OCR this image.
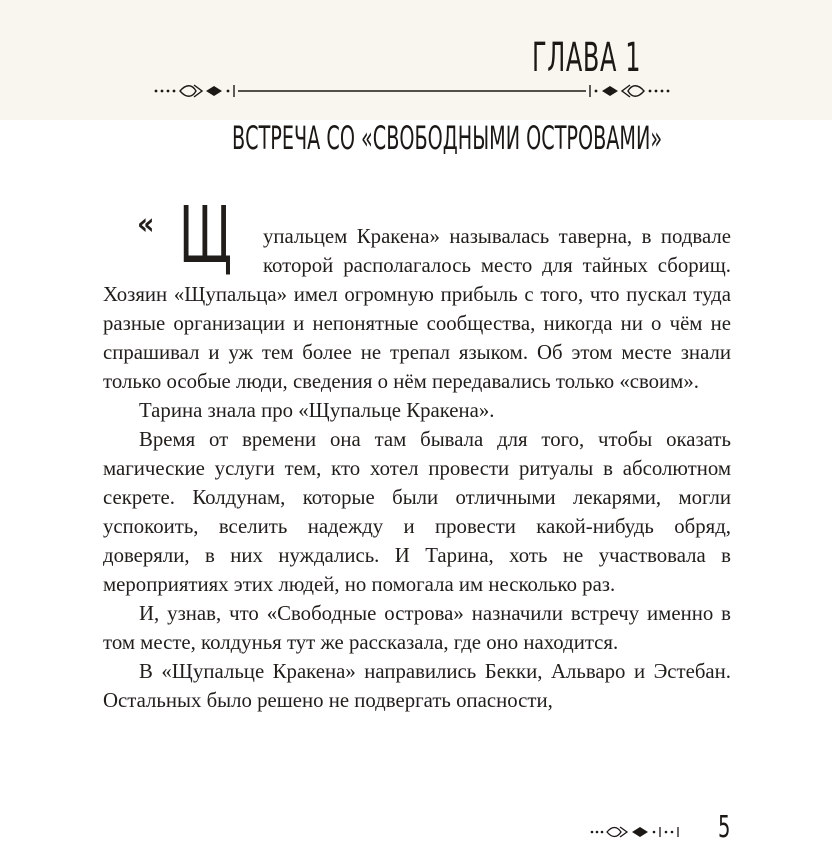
ГЛАВА 1
ВСТРЕЧА СО «СВОБОДНЫМИ ОСТРОВАМИ»

« Щ упальцем Кракена» называлась таверна, в подвале которой располагалось место для тайных сборищ. Хозяин «Щупальца» имел огромную прибыль с того, что пускал туда разные организации и непонятные сообщества, никогда ни о чём не спрашивал и уж тем более не трепал языком. Об этом месте знали только особые люди, сведения о нём передавались только «своим».

Тарина знала про «Щупальце Кракена».

Время от времени она там бывала для того, чтобы оказать магические услуги тем, кто хотел провести ритуалы в абсолютном секрете. Колдунам, которые были отличными лекарями, могли успокоить, вселить надежду и провести какой-нибудь обряд, доверяли, в них нуждались. И Тарина, хоть не участвовала в мероприятиях этих людей, но помогала им несколько раз.

И, узнав, что «Свободные острова» назначили встречу именно в том месте, колдунья тут же рассказала, где оно находится.

В «Щупальце Кракена» направились Бекки, Альваро и Эстебан. Остальных было решено не подвергать опасности,

5
